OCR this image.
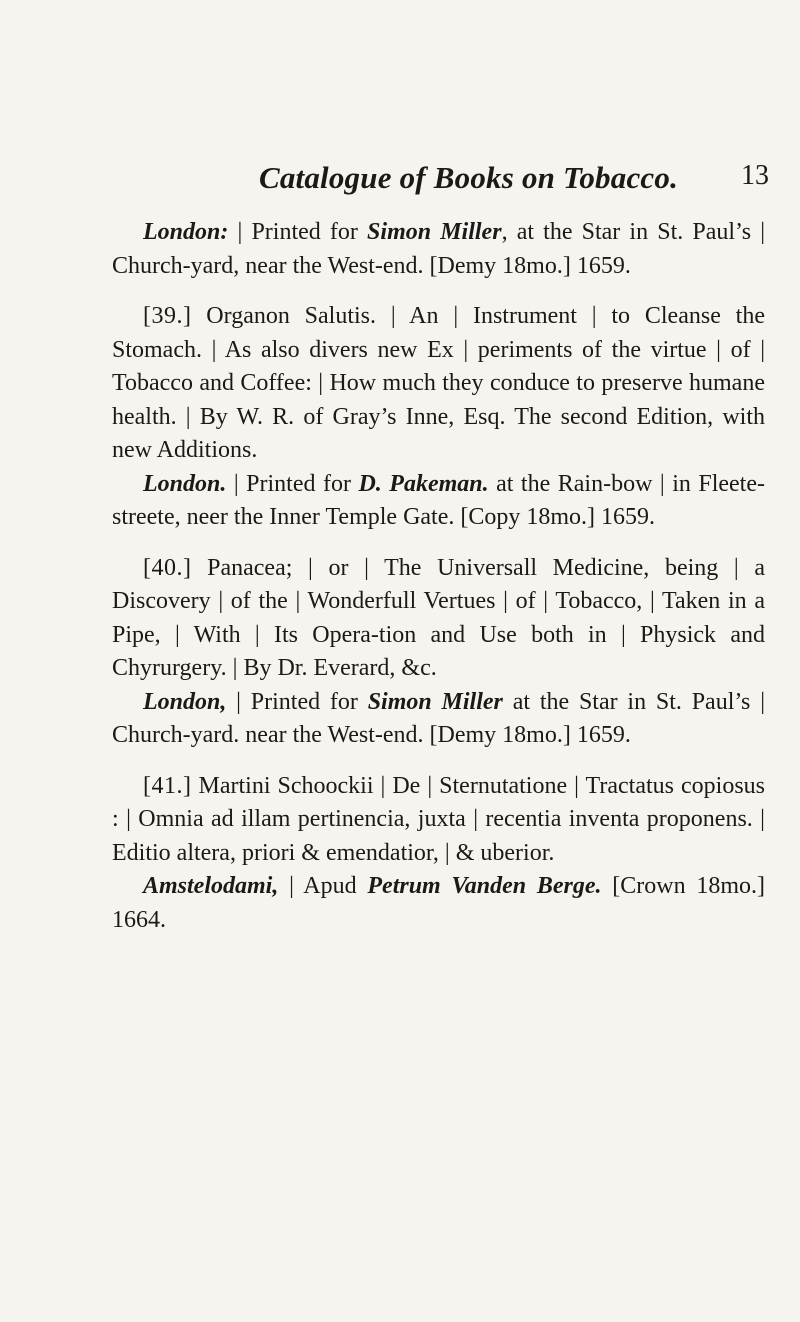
Catalogue of Books on Tobacco. 13

London: | Printed for Simon Miller, at the Star in St. Paul’s | Church-yard, near the West-end. [Demy 18mo.] 1659.

[39.] Organon Salutis. | An | Instrument | to Cleanse the Stomach. | As also divers new Ex | periments of the virtue | of | Tobacco and Coffee: | How much they conduce to preserve humane health. | By W. R. of Gray’s Inne, Esq. The second Edition, with new Additions.

London. | Printed for D. Pakeman. at the Rain-bow | in Fleete-streete, neer the Inner Temple Gate. [Copy 18mo.] 1659.

[40.] Panacea; | or | The Universall Medicine, being | a Discovery | of the | Wonderfull Vertues | of | Tobacco, | Taken in a Pipe, | With | Its Opera-tion and Use both in | Physick and Chyrurgery. | By Dr. Everard, &c.

London, | Printed for Simon Miller at the Star in St. Paul’s | Church-yard. near the West-end. [Demy 18mo.] 1659.

[41.] Martini Schoockii | De | Sternutatione | Tractatus copiosus : | Omnia ad illam pertinencia, juxta | recentia inventa proponens. | Editio altera, priori & emendatior, | & uberior.

Amstelodami, | Apud Petrum Vanden Berge. [Crown 18mo.] 1664.
